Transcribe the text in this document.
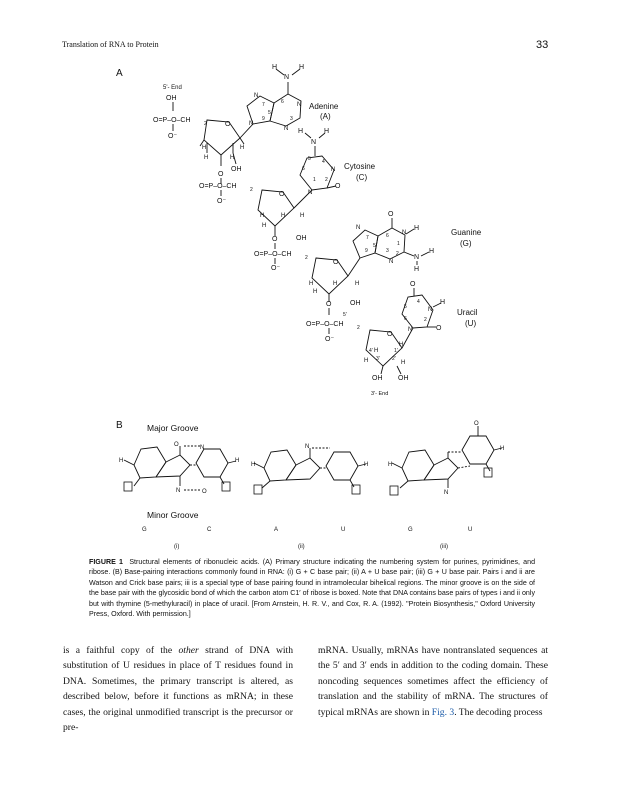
Translation of RNA to Protein	33
A
5'- End
OH
O=P–O–CH	2
O⁻
O
H	H
H	H
OH
N
N
N
N
7
5
6
3
9
N
H	H
Adenine
(A)
O
O=P–O–CH	2
O⁻
O
H	H
H
H
OH
N
N
6
5 4
2
1
O
N
H	H
Cytosine
(C)
O
O=P–O–CH	2
O⁻
O
H	H
H
H
OH
N
N
N
7
5
6
1
2
3
9
O
H
N
H
H
Guanine
(G)
O
5'
O=P–O–CH	2
O⁻
O
4'	1'
3' 2'
H
H
H	H
OH OH
N
N
5
6
4
2
O
H
O
Uracil
(U)
3'- End
B	Major Groove
Minor Groove
O
N
N
O
H	H
N
H	H
O
N
H
H
G	C	A	U	G	U
(i)	(ii)	(iii)
FIGURE 1 Structural elements of ribonucleic acids. (A) Primary structure indicating the numbering system for purines, pyrimidines, and ribose. (B) Base-pairing interactions commonly found in RNA: (i) G + C base pair; (ii) A + U base pair; (iii) G + U base pair. Pairs i and ii are Watson and Crick base pairs; iii is a special type of base pairing found in intramolecular bihelical regions. The minor groove is on the side of the base pair with the glycosidic bond of which the carbon atom C1′ of ribose is boxed. Note that DNA contains base pairs of types i and ii only but with thymine (5-methyluracil) in place of uracil. [From Arnstein, H. R. V., and Cox, R. A. (1992). "Protein Biosynthesis," Oxford University Press, Oxford. With permission.]
is a faithful copy of the other strand of DNA with substitution of U residues in place of T residues found in DNA. Sometimes, the primary transcript is altered, as described below, before it functions as mRNA; in these cases, the original unmodified transcript is the precursor or pre-
mRNA. Usually, mRNAs have nontranslated sequences at the 5′ and 3′ ends in addition to the coding domain. These noncoding sequences sometimes affect the efficiency of translation and the stability of mRNA. The structures of typical mRNAs are shown in Fig. 3. The decoding process
